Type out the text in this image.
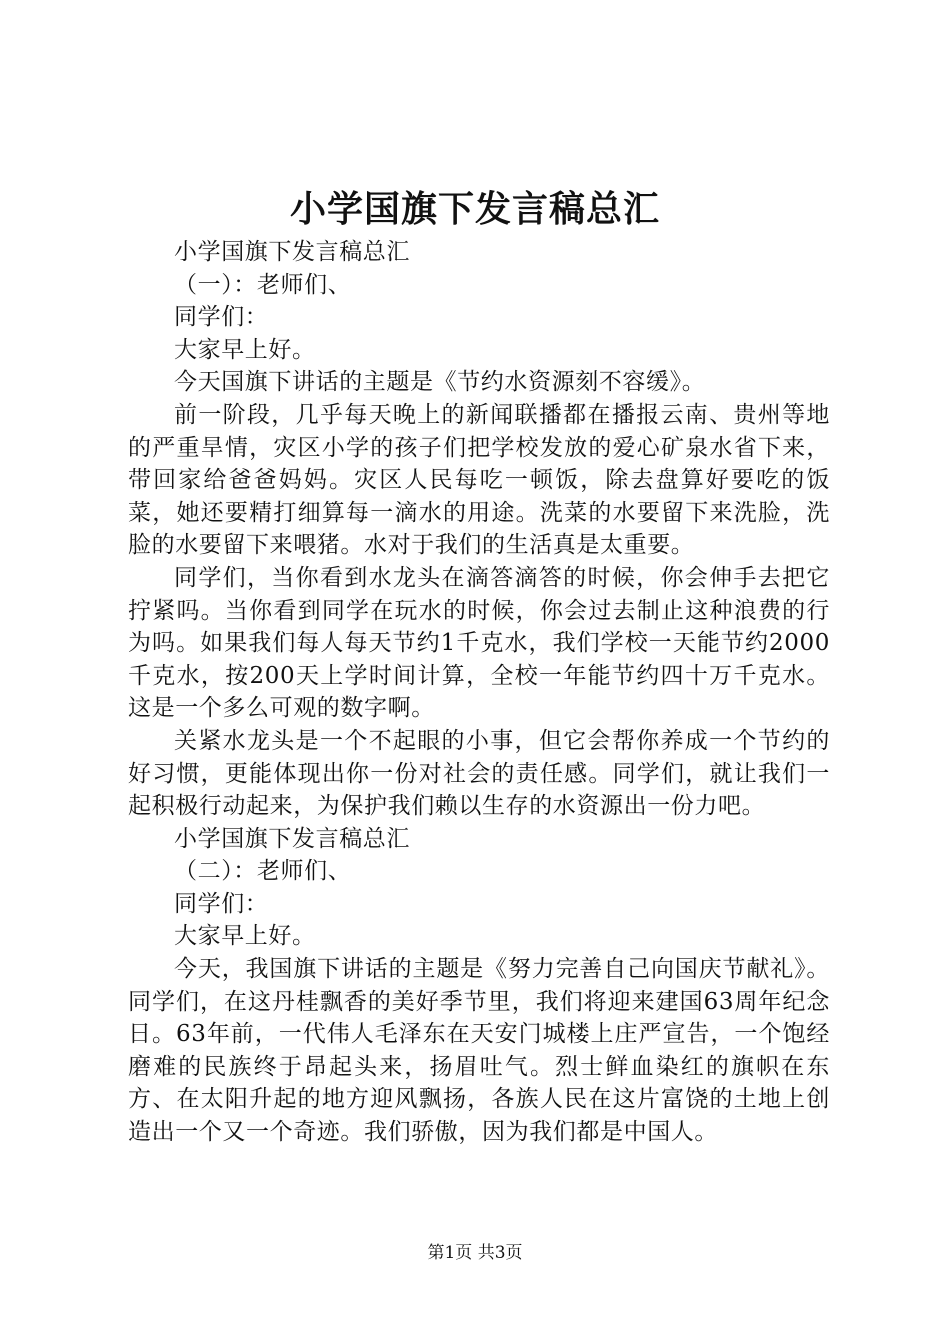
小学国旗下发言稿总汇

小学国旗下发言稿总汇

（一）：老师们、

同学们：

大家早上好。

今天国旗下讲话的主题是《节约水资源刻不容缓》。

前一阶段，几乎每天晚上的新闻联播都在播报云南、贵州等地的严重旱情，灾区小学的孩子们把学校发放的爱心矿泉水省下来，带回家给爸爸妈妈。灾区人民每吃一顿饭，除去盘算好要吃的饭菜，她还要精打细算每一滴水的用途。洗菜的水要留下来洗脸，洗脸的水要留下来喂猪。水对于我们的生活真是太重要。

同学们，当你看到水龙头在滴答滴答的时候，你会伸手去把它拧紧吗。当你看到同学在玩水的时候，你会过去制止这种浪费的行为吗。如果我们每人每天节约1千克水，我们学校一天能节约2000千克水，按200天上学时间计算，全校一年能节约四十万千克水。这是一个多么可观的数字啊。

关紧水龙头是一个不起眼的小事，但它会帮你养成一个节约的好习惯，更能体现出你一份对社会的责任感。同学们，就让我们一起积极行动起来，为保护我们赖以生存的水资源出一份力吧。

小学国旗下发言稿总汇

（二）：老师们、

同学们：

大家早上好。

今天，我国旗下讲话的主题是《努力完善自己向国庆节献礼》。同学们，在这丹桂飘香的美好季节里，我们将迎来建国63周年纪念日。63年前，一代伟人毛泽东在天安门城楼上庄严宣告，一个饱经磨难的民族终于昂起头来，扬眉吐气。烈士鲜血染红的旗帜在东方、在太阳升起的地方迎风飘扬，各族人民在这片富饶的土地上创造出一个又一个奇迹。我们骄傲，因为我们都是中国人。

第1页 共3页
